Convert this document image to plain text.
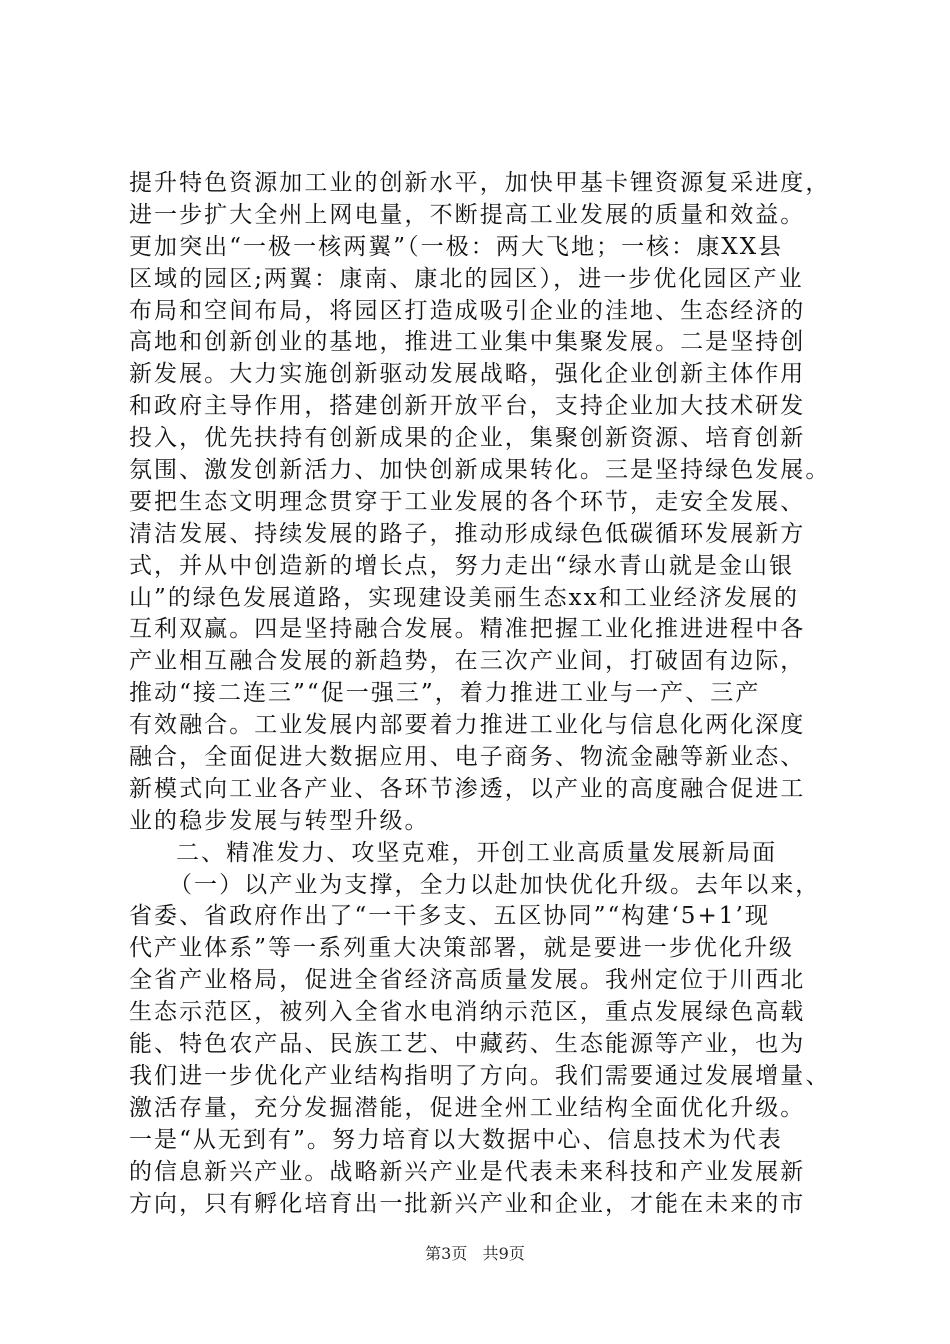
提升特色资源加工业的创新水平，加快甲基卡锂资源复采进度，
进一步扩大全州上网电量，不断提高工业发展的质量和效益。
更加突出“一极一核两翼”（一极：两大飞地；一核：康XX县
区域的园区;两翼：康南、康北的园区），进一步优化园区产业
布局和空间布局，将园区打造成吸引企业的洼地、生态经济的
高地和创新创业的基地，推进工业集中集聚发展。二是坚持创
新发展。大力实施创新驱动发展战略，强化企业创新主体作用
和政府主导作用，搭建创新开放平台，支持企业加大技术研发
投入，优先扶持有创新成果的企业，集聚创新资源、培育创新
氛围、激发创新活力、加快创新成果转化。三是坚持绿色发展。
要把生态文明理念贯穿于工业发展的各个环节，走安全发展、
清洁发展、持续发展的路子，推动形成绿色低碳循环发展新方
式，并从中创造新的增长点，努力走出“绿水青山就是金山银
山”的绿色发展道路，实现建设美丽生态xx和工业经济发展的
互利双赢。四是坚持融合发展。精准把握工业化推进进程中各
产业相互融合发展的新趋势，在三次产业间，打破固有边际，
推动“接二连三”“促一强三”，着力推进工业与一产、三产
有效融合。工业发展内部要着力推进工业化与信息化两化深度
融合，全面促进大数据应用、电子商务、物流金融等新业态、
新模式向工业各产业、各环节渗透，以产业的高度融合促进工
业的稳步发展与转型升级。
二、精准发力、攻坚克难，开创工业高质量发展新局面
（一）以产业为支撑，全力以赴加快优化升级。去年以来，
省委、省政府作出了“一干多支、五区协同”“构建‘5+1’现
代产业体系”等一系列重大决策部署，就是要进一步优化升级
全省产业格局，促进全省经济高质量发展。我州定位于川西北
生态示范区，被列入全省水电消纳示范区，重点发展绿色高载
能、特色农产品、民族工艺、中藏药、生态能源等产业，也为
我们进一步优化产业结构指明了方向。我们需要通过发展增量、
激活存量，充分发掘潜能，促进全州工业结构全面优化升级。
一是“从无到有”。努力培育以大数据中心、信息技术为代表
的信息新兴产业。战略新兴产业是代表未来科技和产业发展新
方向，只有孵化培育出一批新兴产业和企业，才能在未来的市
第3页 共9页
